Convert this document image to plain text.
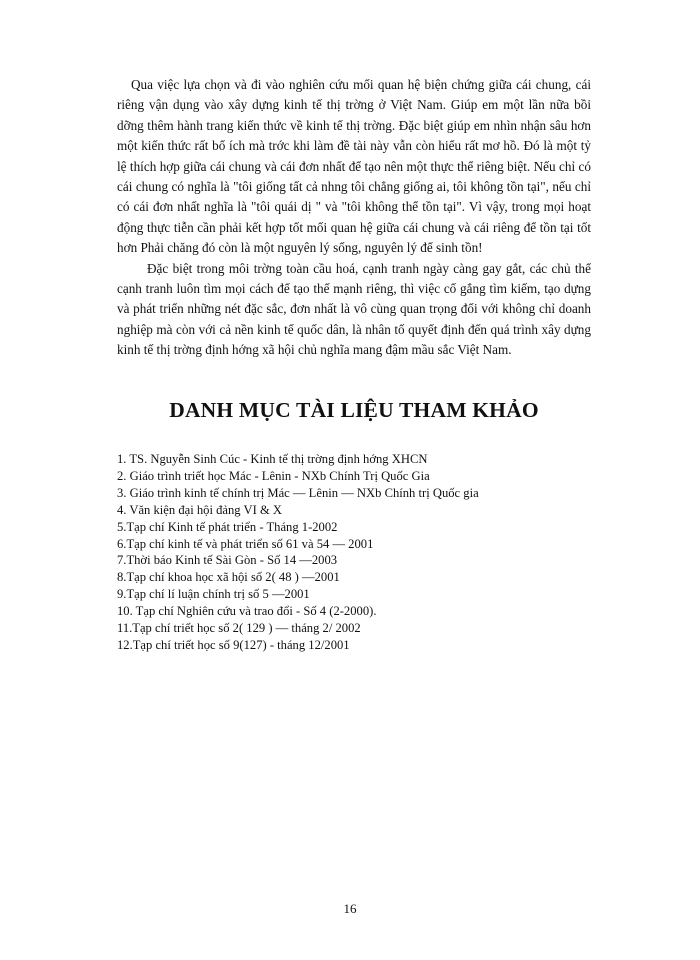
Qua việc lựa chọn và đi vào nghiên cứu mối quan hệ biện chứng giữa cái chung, cái riêng vận dụng vào xây dựng kinh tế thị trờng ở Việt Nam. Giúp em một lần nữa bồi dỡng thêm hành trang kiến thức về kinh tế thị trờng. Đặc biệt giúp em nhìn nhận sâu hơn một kiến thức rất bổ ích mà trớc khi làm đề tài này vẫn còn hiểu rất mơ hồ. Đó là một tỷ lệ thích hợp giữa cái chung và cái đơn nhất để tạo nên một thực thể riêng biệt. Nếu chỉ có cái chung có nghĩa là "tôi giống tất cả nhng tôi chẳng giống ai, tôi không tồn tại", nếu chỉ có cái đơn nhất nghĩa là "tôi quái dị " và "tôi không thể tồn tại". Vì vậy, trong mọi hoạt động thực tiễn cần phải kết hợp tốt mối quan hệ giữa cái chung và cái riêng để tồn tại tốt hơn Phải chăng đó còn là một nguyên lý sống, nguyên lý để sinh tồn!

Đặc biệt trong môi trờng toàn cầu hoá, cạnh tranh ngày càng gay gắt, các chủ thể cạnh tranh luôn tìm mọi cách để tạo thế mạnh riêng, thì việc cố gắng tìm kiếm, tạo dựng và phát triển những nét đặc sắc, đơn nhất là vô cùng quan trọng đối với không chỉ doanh nghiệp mà còn với cả nền kinh tế quốc dân, là nhân tố quyết định đến quá trình xây dựng kinh tế thị trờng định hớng xã hội chủ nghĩa mang đậm mầu sắc Việt Nam.

DANH MỤC TÀI LIỆU THAM KHẢO
1. TS. Nguyễn Sinh Cúc - Kinh tế thị trờng định hớng XHCN
2. Giáo trình triết học Mác - Lênin - NXb Chính Trị Quốc Gia
3. Giáo trình kinh tế chính trị Mác — Lênin — NXb Chính trị Quốc gia
4. Văn kiện đại hội đảng VI & X
5.Tạp chí Kinh tế phát triển - Tháng 1-2002
6.Tạp chí kinh tế và phát triển số 61 và 54 — 2001
7.Thời báo Kinh tế Sài Gòn - Số 14 —2003
8.Tạp chí khoa học xã hội số 2( 48 ) —2001
9.Tạp chí lí luận chính trị số 5 —2001
10. Tạp chí Nghiên cứu và trao đổi - Số 4 (2-2000).
11.Tạp chí triết học số 2( 129 ) — tháng 2/ 2002
12.Tạp chí triết học số 9(127) - tháng 12/2001
16
